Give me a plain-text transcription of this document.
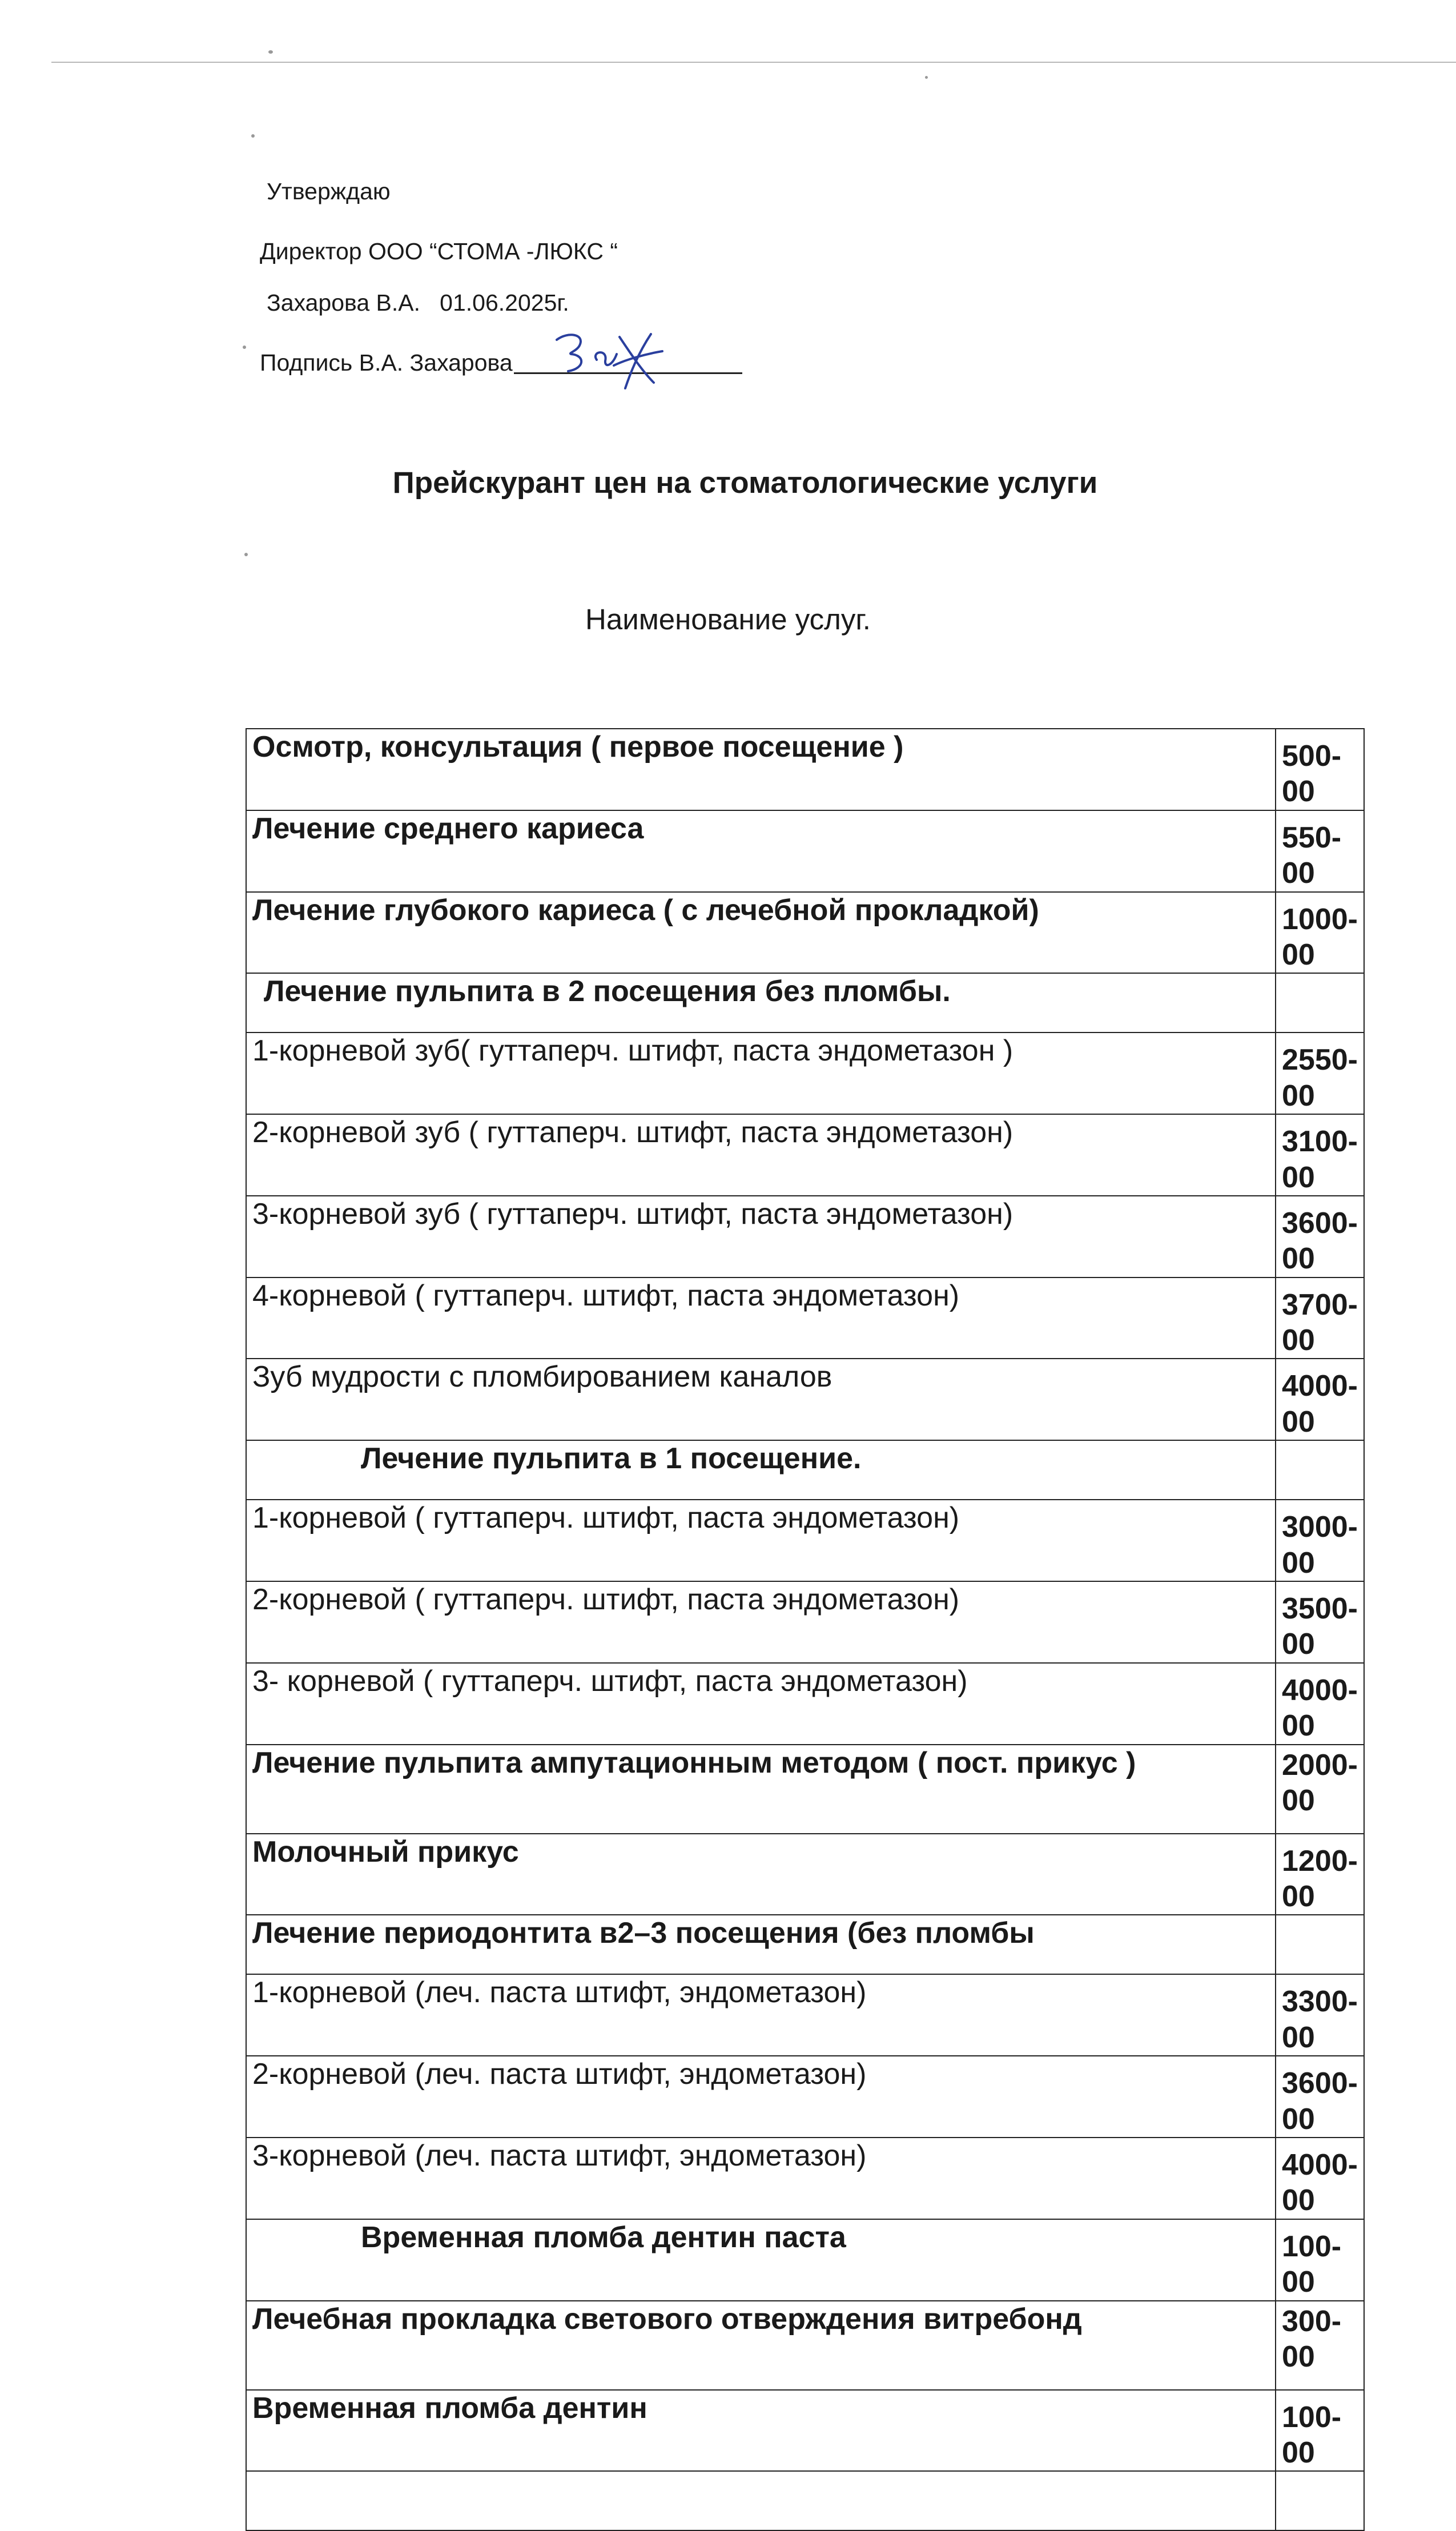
Утверждаю
Директор ООО “СТОМА -ЛЮКС “
Захарова В.А.   01.06.2025г.
Подпись В.А. Захарова
Прейскурант цен на стоматологические услуги
Наименование услуг.
Осмотр, консультация ( первое посещение )	500-00
Лечение среднего кариеса	550-00
Лечение глубокого кариеса ( с лечебной прокладкой)	1000-00
Лечение пульпита в 2 посещения без пломбы.	
1-корневой зуб( гуттаперч. штифт, паста эндометазон )	2550-00
2-корневой зуб ( гуттаперч. штифт, паста эндометазон)	3100-00
3-корневой зуб ( гуттаперч. штифт, паста эндометазон)	3600-00
4-корневой ( гуттаперч. штифт, паста эндометазон)	3700-00
Зуб мудрости с пломбированием каналов	4000-00
Лечение пульпита в 1 посещение.	
1-корневой ( гуттаперч. штифт, паста эндометазон)	3000-00
2-корневой ( гуттаперч. штифт, паста эндометазон)	3500-00
3- корневой ( гуттаперч. штифт, паста эндометазон)	4000-00
Лечение пульпита ампутационным методом ( пост. прикус )	2000-00
Молочный прикус	1200-00
Лечение периодонтита в2–3 посещения (без пломбы	
1-корневой (леч. паста штифт, эндометазон)	3300-00
2-корневой (леч. паста штифт, эндометазон)	3600-00
3-корневой (леч. паста штифт, эндометазон)	4000-00
Временная пломба дентин паста	100-00
Лечебная прокладка светового отверждения витребонд	300-00
Временная пломба дентин	100-00
